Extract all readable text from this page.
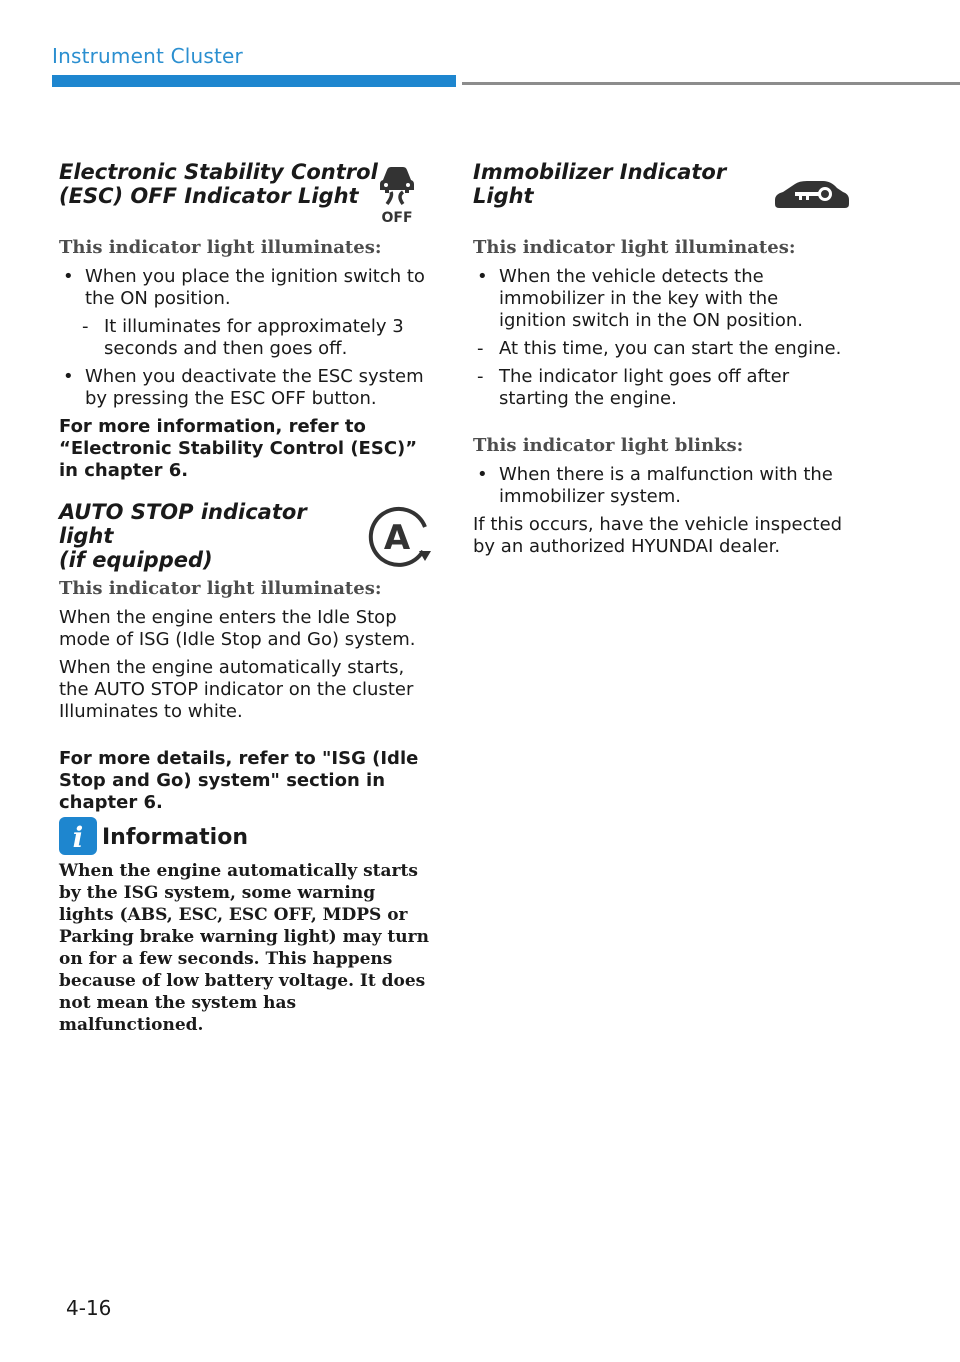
Instrument Cluster
Electronic Stability Control
(ESC) OFF Indicator Light
OFF
This indicator light illuminates:
• When you place the ignition switch to the ON position.
- It illuminates for approximately 3 seconds and then goes off.
• When you deactivate the ESC system by pressing the ESC OFF button.
For more information, refer to “Electronic Stability Control (ESC)” in chapter 6.
AUTO STOP indicator light
(if equipped)
A
This indicator light illuminates:
When the engine enters the Idle Stop mode of ISG (Idle Stop and Go) system.
When the engine automatically starts, the AUTO STOP indicator on the cluster Illuminates to white.
For more details, refer to "ISG (Idle Stop and Go) system" section in chapter 6.
i Information
When the engine automatically starts by the ISG system, some warning lights (ABS, ESC, ESC OFF, MDPS or Parking brake warning light) may turn on for a few seconds. This happens because of low battery voltage. It does not mean the system has malfunctioned.
Immobilizer Indicator Light
This indicator light illuminates:
• When the vehicle detects the immobilizer in the key with the ignition switch in the ON position.
- At this time, you can start the engine.
- The indicator light goes off after starting the engine.
This indicator light blinks:
• When there is a malfunction with the immobilizer system.
If this occurs, have the vehicle inspected by an authorized HYUNDAI dealer.
4-16
